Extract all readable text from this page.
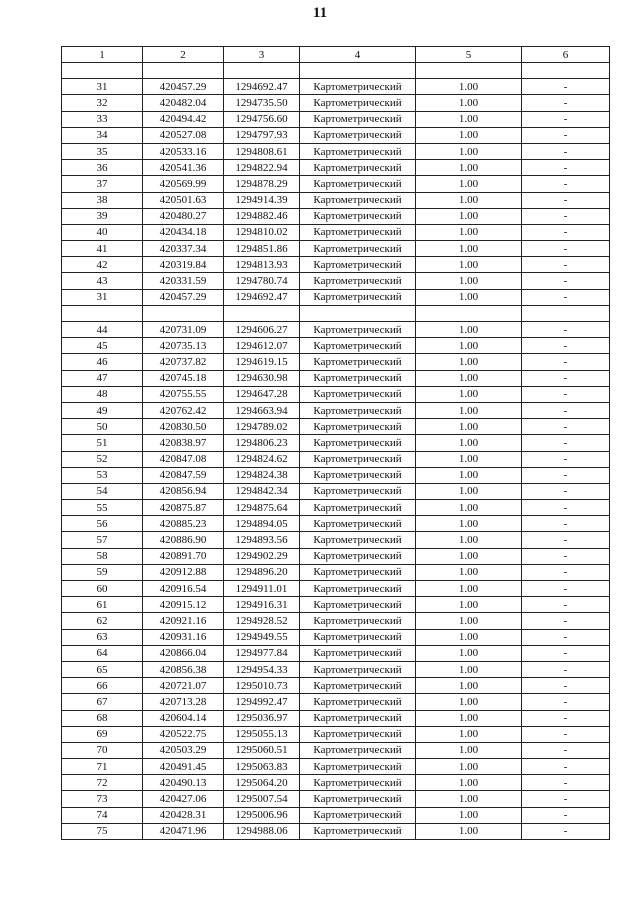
11
1	2	3	4	5	6

31	420457.29	1294692.47	Картометрический	1.00	-
32	420482.04	1294735.50	Картометрический	1.00	-
33	420494.42	1294756.60	Картометрический	1.00	-
34	420527.08	1294797.93	Картометрический	1.00	-
35	420533.16	1294808.61	Картометрический	1.00	-
36	420541.36	1294822.94	Картометрический	1.00	-
37	420569.99	1294878.29	Картометрический	1.00	-
38	420501.63	1294914.39	Картометрический	1.00	-
39	420480.27	1294882.46	Картометрический	1.00	-
40	420434.18	1294810.02	Картометрический	1.00	-
41	420337.34	1294851.86	Картометрический	1.00	-
42	420319.84	1294813.93	Картометрический	1.00	-
43	420331.59	1294780.74	Картометрический	1.00	-
31	420457.29	1294692.47	Картометрический	1.00	-

44	420731.09	1294606.27	Картометрический	1.00	-
45	420735.13	1294612.07	Картометрический	1.00	-
46	420737.82	1294619.15	Картометрический	1.00	-
47	420745.18	1294630.98	Картометрический	1.00	-
48	420755.55	1294647.28	Картометрический	1.00	-
49	420762.42	1294663.94	Картометрический	1.00	-
50	420830.50	1294789.02	Картометрический	1.00	-
51	420838.97	1294806.23	Картометрический	1.00	-
52	420847.08	1294824.62	Картометрический	1.00	-
53	420847.59	1294824.38	Картометрический	1.00	-
54	420856.94	1294842.34	Картометрический	1.00	-
55	420875.87	1294875.64	Картометрический	1.00	-
56	420885.23	1294894.05	Картометрический	1.00	-
57	420886.90	1294893.56	Картометрический	1.00	-
58	420891.70	1294902.29	Картометрический	1.00	-
59	420912.88	1294896.20	Картометрический	1.00	-
60	420916.54	1294911.01	Картометрический	1.00	-
61	420915.12	1294916.31	Картометрический	1.00	-
62	420921.16	1294928.52	Картометрический	1.00	-
63	420931.16	1294949.55	Картометрический	1.00	-
64	420866.04	1294977.84	Картометрический	1.00	-
65	420856.38	1294954.33	Картометрический	1.00	-
66	420721.07	1295010.73	Картометрический	1.00	-
67	420713.28	1294992.47	Картометрический	1.00	-
68	420604.14	1295036.97	Картометрический	1.00	-
69	420522.75	1295055.13	Картометрический	1.00	-
70	420503.29	1295060.51	Картометрический	1.00	-
71	420491.45	1295063.83	Картометрический	1.00	-
72	420490.13	1295064.20	Картометрический	1.00	-
73	420427.06	1295007.54	Картометрический	1.00	-
74	420428.31	1295006.96	Картометрический	1.00	-
75	420471.96	1294988.06	Картометрический	1.00	-
